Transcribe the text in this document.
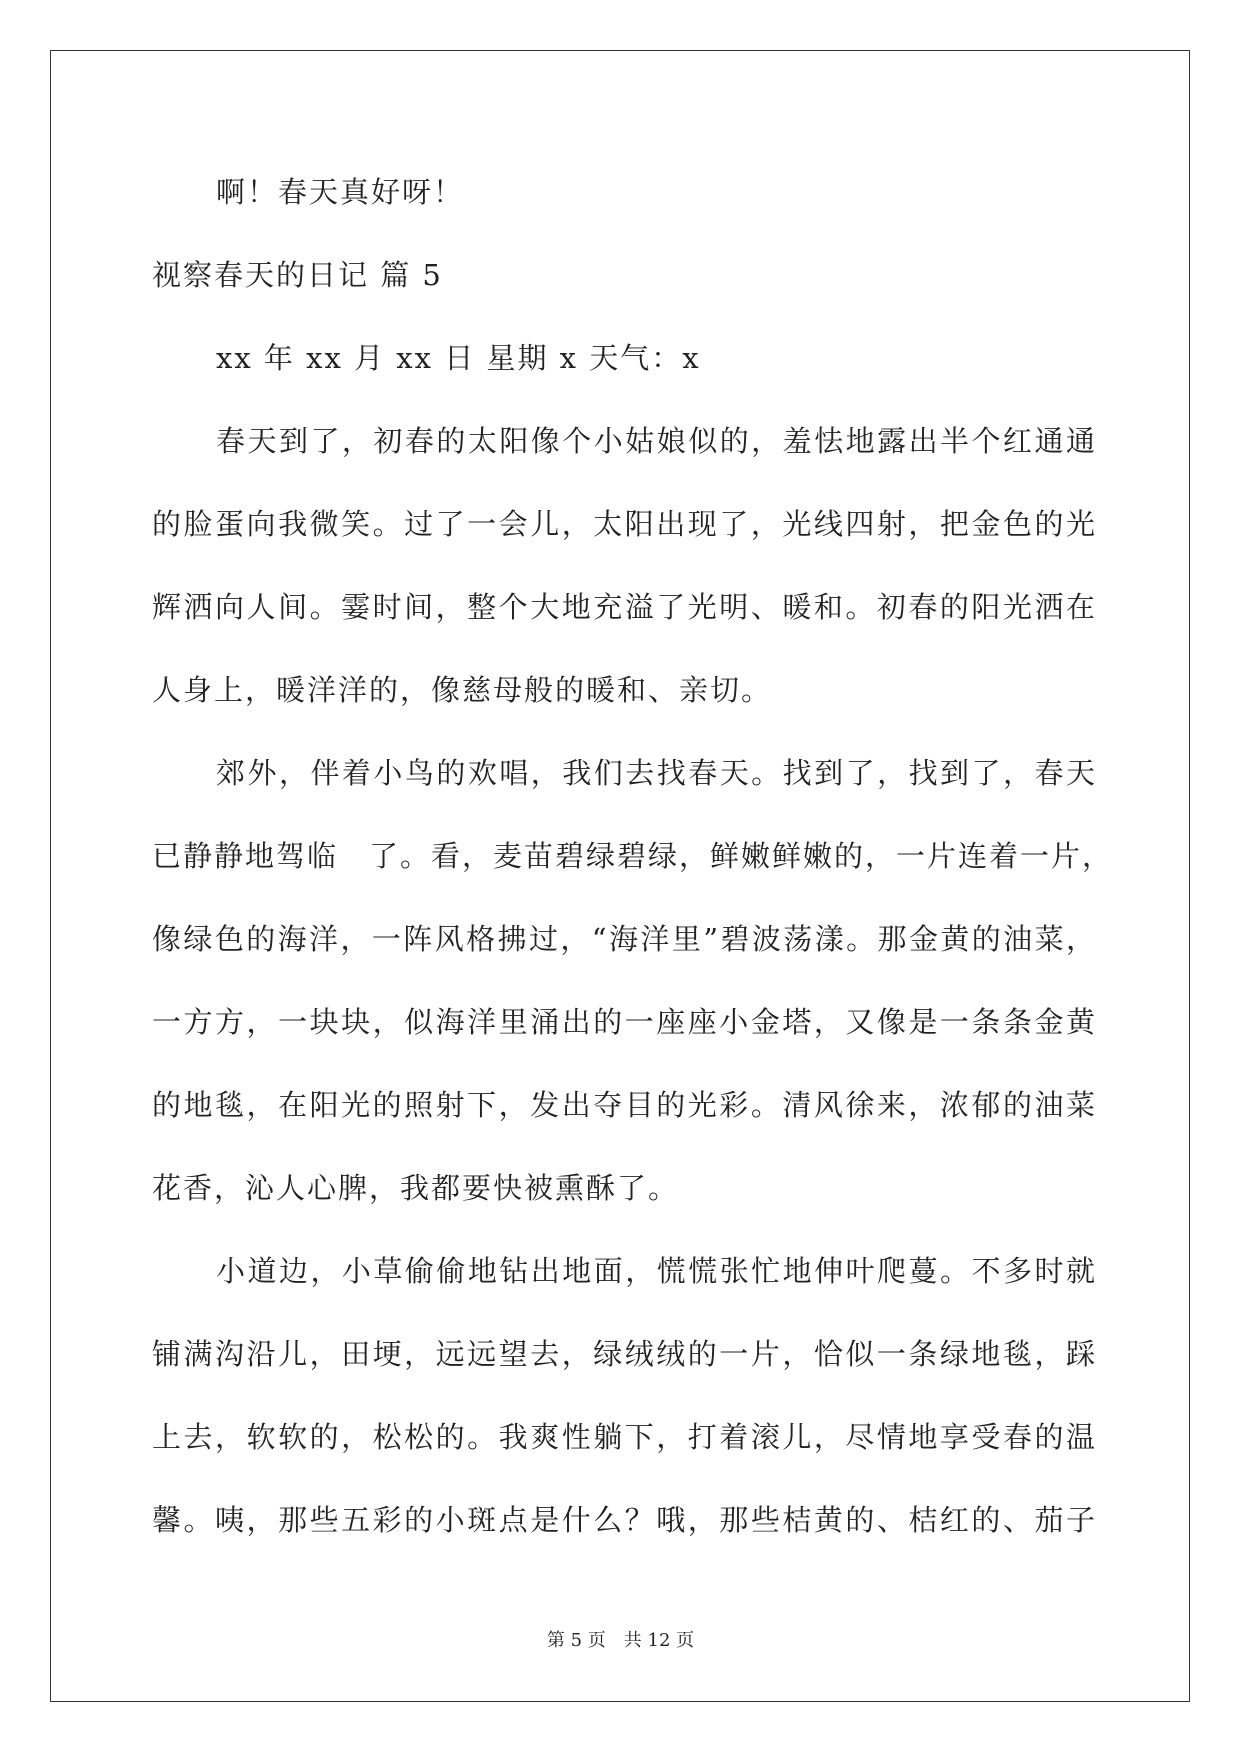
啊！春天真好呀！
视察春天的日记 篇 5
xx 年 xx 月 xx 日 星期 x 天气：x
春天到了，初春的太阳像个小姑娘似的，羞怯地露出半个红通通
的脸蛋向我微笑。过了一会儿，太阳出现了，光线四射，把金色的光
辉洒向人间。霎时间，整个大地充溢了光明、暖和。初春的阳光洒在
人身上，暖洋洋的，像慈母般的暖和、亲切。
郊外，伴着小鸟的欢唱，我们去找春天。找到了，找到了，春天
已静静地驾临　了。看，麦苗碧绿碧绿，鲜嫩鲜嫩的，一片连着一片，
像绿色的海洋，一阵风格拂过，“海洋里”碧波荡漾。那金黄的油菜，
一方方，一块块，似海洋里涌出的一座座小金塔，又像是一条条金黄
的地毯，在阳光的照射下，发出夺目的光彩。清风徐来，浓郁的油菜
花香，沁人心脾，我都要快被熏酥了。
小道边，小草偷偷地钻出地面，慌慌张忙地伸叶爬蔓。不多时就
铺满沟沿儿，田埂，远远望去，绿绒绒的一片，恰似一条绿地毯，踩
上去，软软的，松松的。我爽性躺下，打着滚儿，尽情地享受春的温
馨。咦，那些五彩的小斑点是什么？哦，那些桔黄的、桔红的、茄子
第 5 页　共 12 页
